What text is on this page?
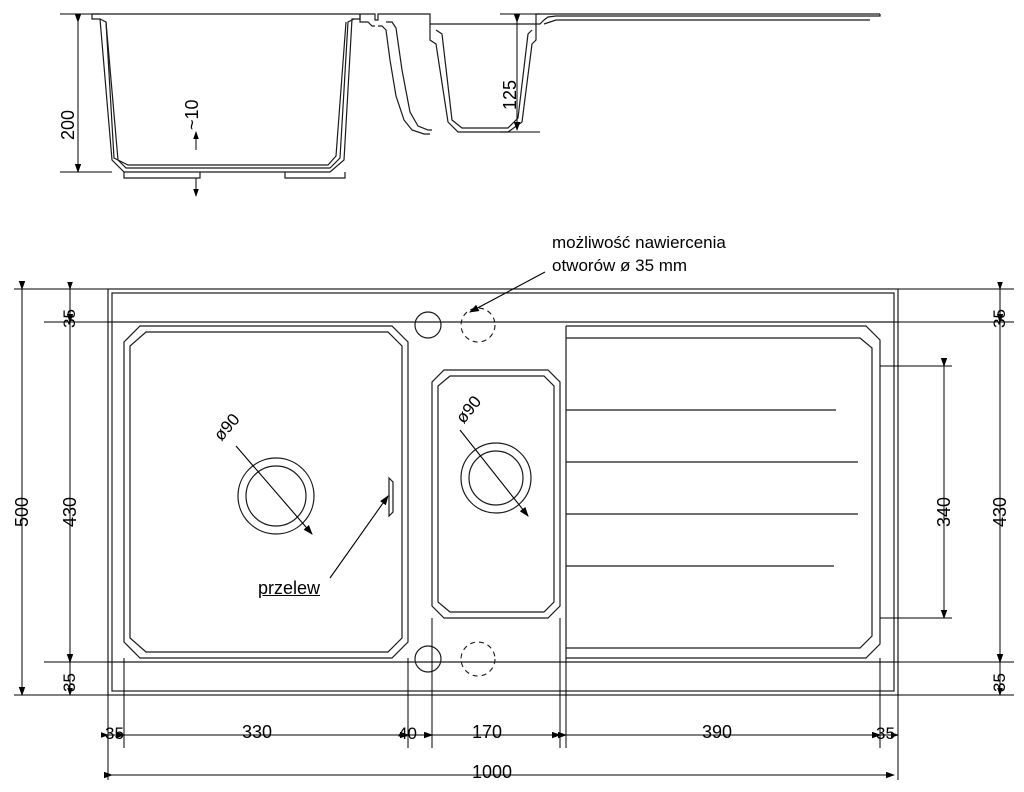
200	~10
125
możliwość nawiercenia
otworów ø 35 mm
ø90
ø90
przelew
35
430
35
500
35
430
35
340
35	330	40	170	390	35
1000
